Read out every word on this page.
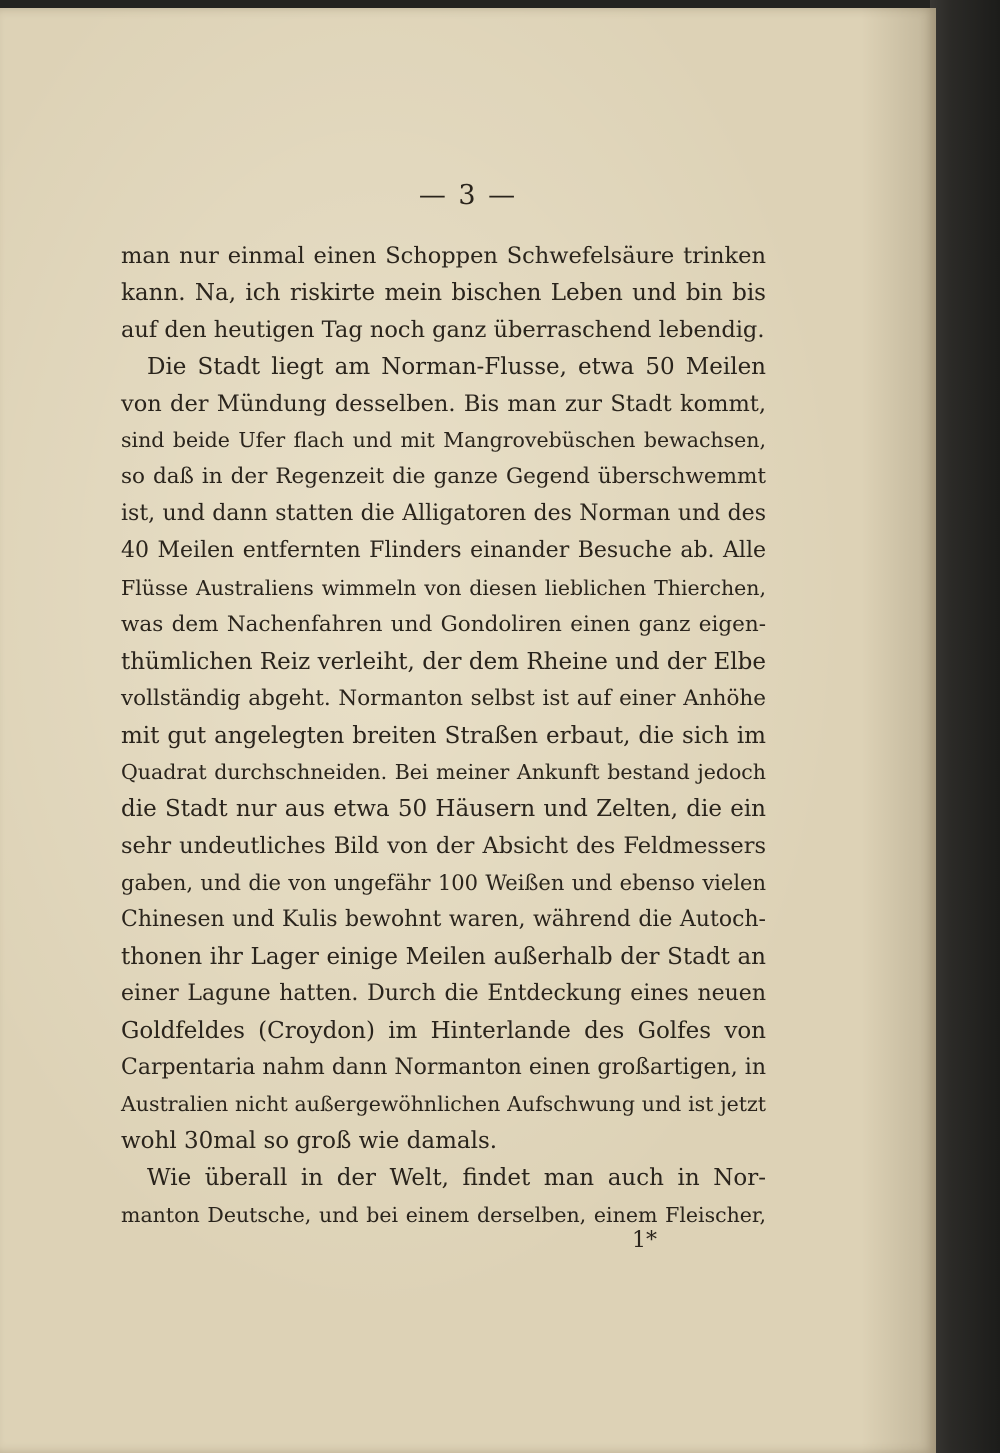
— 3 —
man nur einmal einen Schoppen Schwefelsäure trinken
kann. Na, ich riskirte mein bischen Leben und bin bis
auf den heutigen Tag noch ganz überraschend lebendig.
Die Stadt liegt am Norman-Flusse, etwa 50 Meilen
von der Mündung desselben. Bis man zur Stadt kommt,
sind beide Ufer flach und mit Mangrovebüschen bewachsen,
so daß in der Regenzeit die ganze Gegend überschwemmt
ist, und dann statten die Alligatoren des Norman und des
40 Meilen entfernten Flinders einander Besuche ab. Alle
Flüsse Australiens wimmeln von diesen lieblichen Thierchen,
was dem Nachenfahren und Gondoliren einen ganz eigen-
thümlichen Reiz verleiht, der dem Rheine und der Elbe
vollständig abgeht. Normanton selbst ist auf einer Anhöhe
mit gut angelegten breiten Straßen erbaut, die sich im
Quadrat durchschneiden. Bei meiner Ankunft bestand jedoch
die Stadt nur aus etwa 50 Häusern und Zelten, die ein
sehr undeutliches Bild von der Absicht des Feldmessers
gaben, und die von ungefähr 100 Weißen und ebenso vielen
Chinesen und Kulis bewohnt waren, während die Autoch-
thonen ihr Lager einige Meilen außerhalb der Stadt an
einer Lagune hatten. Durch die Entdeckung eines neuen
Goldfeldes (Croydon) im Hinterlande des Golfes von
Carpentaria nahm dann Normanton einen großartigen, in
Australien nicht außergewöhnlichen Aufschwung und ist jetzt
wohl 30mal so groß wie damals.
Wie überall in der Welt, findet man auch in Nor-
manton Deutsche, und bei einem derselben, einem Fleischer,
1*
